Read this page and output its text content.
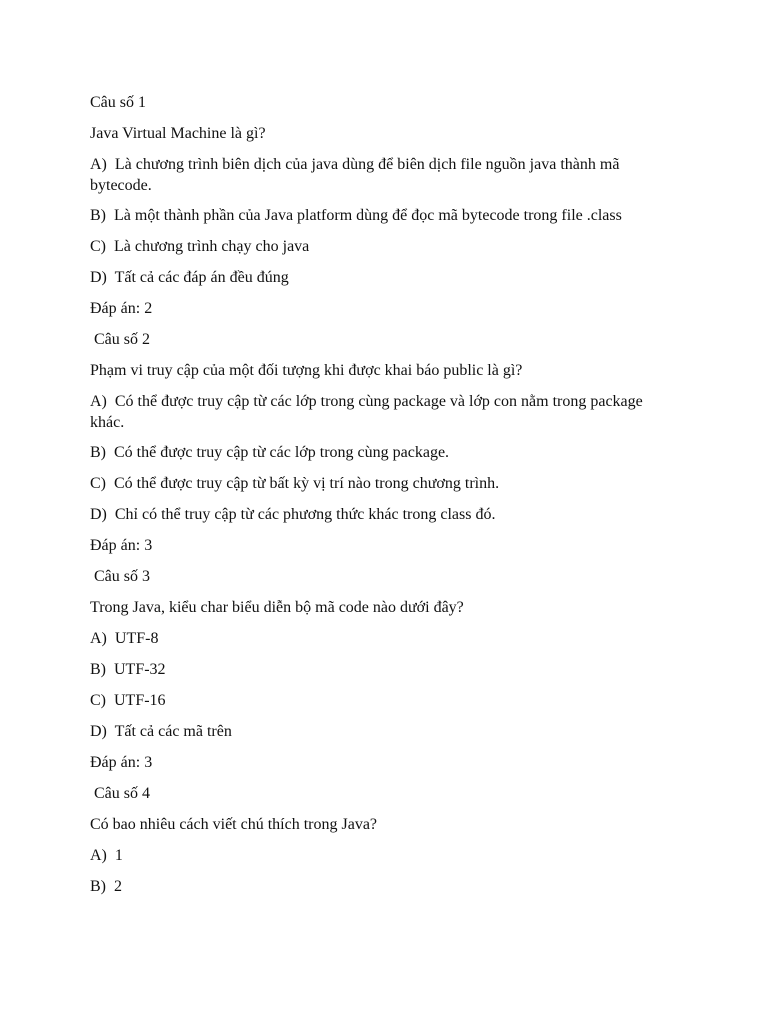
Câu số 1

Java Virtual Machine là gì?

A)  Là chương trình biên dịch của java dùng để biên dịch file nguồn java thành mã bytecode.

B)  Là một thành phần của Java platform dùng để đọc mã bytecode trong file .class

C)  Là chương trình chạy cho java

D)  Tất cả các đáp án đều đúng

Đáp án: 2

Câu số 2

Phạm vi truy cập của một đối tượng khi được khai báo public là gì?

A)  Có thể được truy cập từ các lớp trong cùng package và lớp con nằm trong package khác.

B)  Có thể được truy cập từ các lớp trong cùng package.

C)  Có thể được truy cập từ bất kỳ vị trí nào trong chương trình.

D)  Chỉ có thể truy cập từ các phương thức khác trong class đó.

Đáp án: 3

Câu số 3

Trong Java, kiểu char biểu diễn bộ mã code nào dưới đây?

A)  UTF-8

B)  UTF-32

C)  UTF-16

D)  Tất cả các mã trên

Đáp án: 3

Câu số 4

Có bao nhiêu cách viết chú thích trong Java?

A)  1

B)  2
